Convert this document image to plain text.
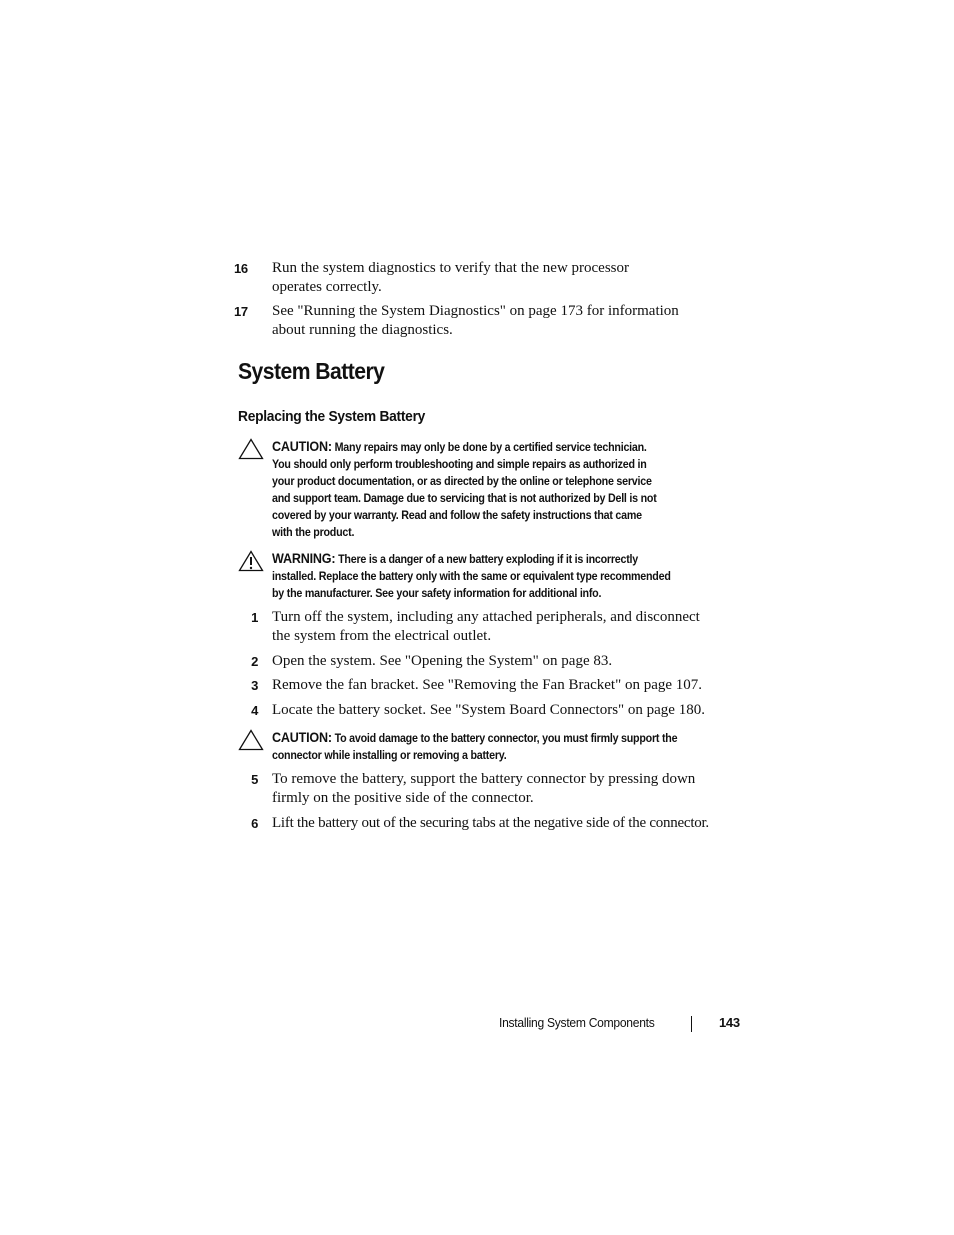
16	Run the system diagnostics to verify that the new processor
operates correctly.
17	See "Running the System Diagnostics" on page 173 for information
about running the diagnostics.
System Battery
Replacing the System Battery
CAUTION: Many repairs may only be done by a certified service technician.
You should only perform troubleshooting and simple repairs as authorized in
your product documentation, or as directed by the online or telephone service
and support team. Damage due to servicing that is not authorized by Dell is not
covered by your warranty. Read and follow the safety instructions that came
with the product.
WARNING: There is a danger of a new battery exploding if it is incorrectly
installed. Replace the battery only with the same or equivalent type recommended
by the manufacturer. See your safety information for additional info.
1 Turn off the system, including any attached peripherals, and disconnect
the system from the electrical outlet.
2 Open the system. See "Opening the System" on page 83.
3 Remove the fan bracket. See "Removing the Fan Bracket" on page 107.
4 Locate the battery socket. See "System Board Connectors" on page 180.
CAUTION: To avoid damage to the battery connector, you must firmly support the
connector while installing or removing a battery.
5 To remove the battery, support the battery connector by pressing down
firmly on the positive side of the connector.
6 Lift the battery out of the securing tabs at the negative side of the connector.
Installing System Components	143
